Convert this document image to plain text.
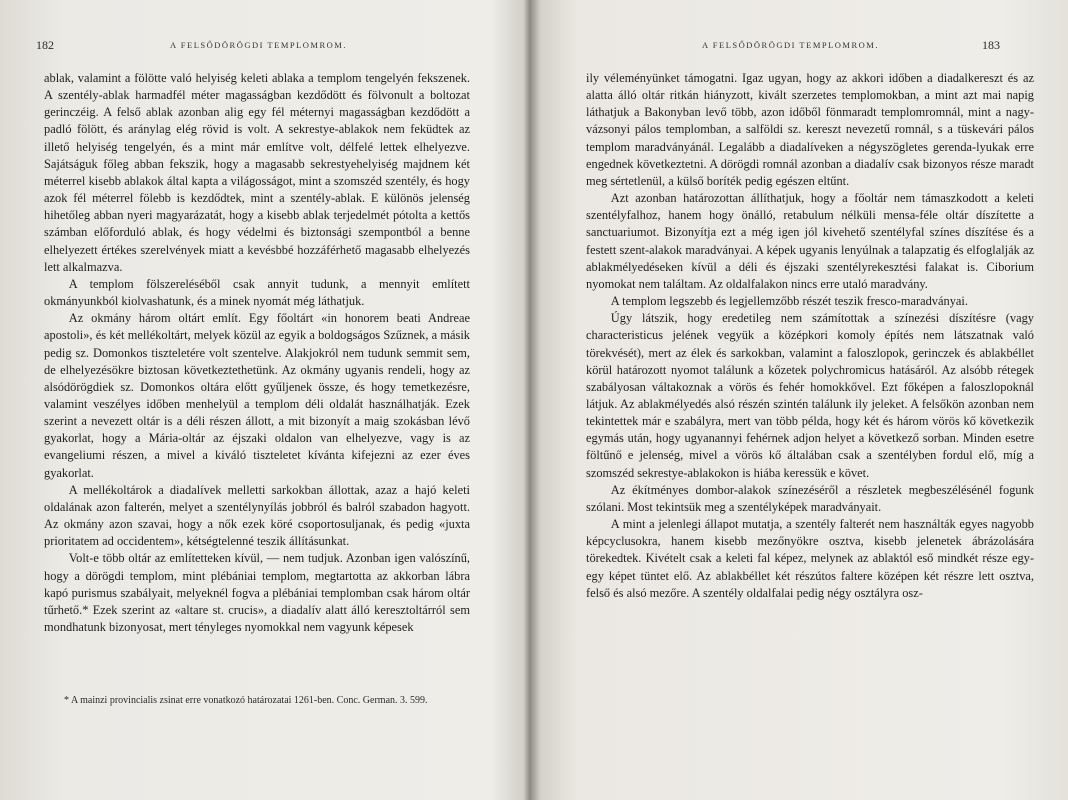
182	A FELSŐDÖRÖGDI TEMPLOMROM.

ablak, valamint a fölötte való helyiség keleti ablaka a templom tengelyén fekszenek. A szentély-ablak harmadfél méter magasságban kezdődött és fölvonult a boltozat gerinczéig. A felső ablak azonban alig egy fél méternyi magasságban kezdődött a padló fölött, és aránylag elég rövid is volt. A sekrestye-ablakok nem feküdtek az illető helyiség tengelyén, és a mint már említve volt, délfelé lettek elhelyezve. Sajátságuk főleg abban fekszik, hogy a magasabb sekrestyehelyiség majdnem két méterrel kisebb ablakok által kapta a világosságot, mint a szomszéd szentély, és hogy azok fél méterrel fölebb is kezdődtek, mint a szentély-ablak. E különös jelenség hihetőleg abban nyeri magyarázatát, hogy a kisebb ablak terjedelmét pótolta a kettős számban előforduló ablak, és hogy védelmi és biztonsági szempontból a benne elhelyezett értékes szerelvények miatt a kevésbbé hozzáférhető magasabb elhelyezés lett alkalmazva.

A templom fölszereléséből csak annyit tudunk, a mennyit említett okmányunkból kiolvashatunk, és a minek nyomát még láthatjuk.

Az okmány három oltárt említ. Egy főoltárt «in honorem beati Andreae apostoli», és két mellékoltárt, melyek közül az egyik a boldogságos Szűznek, a másik pedig sz. Domonkos tiszteletére volt szentelve. Alakjokról nem tudunk semmit sem, de elhelyezésökre biztosan következtethetünk. Az okmány ugyanis rendeli, hogy az alsódörögdiek sz. Domonkos oltára előtt gyűljenek össze, és hogy temetkezésre, valamint veszélyes időben menhelyül a templom déli oldalát használhatják. Ezek szerint a nevezett oltár is a déli részen állott, a mit bizonyít a maig szokásban lévő gyakorlat, hogy a Mária-oltár az éjszaki oldalon van elhelyezve, vagy is az evangeliumi részen, a mivel a kiváló tiszteletet kívánta kifejezni az ezer éves gyakorlat.

A mellékoltárok a diadalívek melletti sarkokban állottak, azaz a hajó keleti oldalának azon falterén, melyet a szentélynyílás jobbról és balról szabadon hagyott. Az okmány azon szavai, hogy a nők ezek köré csoportosuljanak, és pedig «juxta prioritatem ad occidentem», kétségtelenné teszik állításunkat.

Volt-e több oltár az említetteken kívül, — nem tudjuk. Azonban igen valószínű, hogy a dörögdi templom, mint plébániai templom, megtartotta az akkorban lábra kapó purismus szabályait, melyeknél fogva a plébániai templomban csak három oltár tűrhető.* Ezek szerint az «altare st. crucis», a diadalív alatt álló keresztoltárról sem mondhatunk bizonyosat, mert tényleges nyomokkal nem vagyunk képesek

* A mainzi provincialis zsinat erre vonatkozó határozatai 1261-ben. Conc. German. 3. 599.
A FELSŐDÖRÖGDI TEMPLOMROM.	183

ily véleményünket támogatni. Igaz ugyan, hogy az akkori időben a diadalkereszt és az alatta álló oltár ritkán hiányzott, kivált szerzetes templomokban, a mint azt mai napig láthatjuk a Bakonyban levő több, azon időből fönmaradt templomromnál, mint a nagy-vázsonyi pálos templomban, a salföldi sz. kereszt nevezetű romnál, s a tüskevári pálos templom maradványánál. Legalább a diadalíveken a négyszögletes gerenda-lyukak erre engednek következtetni. A dörögdi romnál azonban a diadalív csak bizonyos része maradt meg sértetlenül, a külső boríték pedig egészen eltűnt.

Azt azonban határozottan állíthatjuk, hogy a főoltár nem támaszkodott a keleti szentélyfalhoz, hanem hogy önálló, retabulum nélküli mensa-féle oltár díszítette a sanctuariumot. Bizonyítja ezt a még igen jól kivehető szentélyfal színes díszítése és a festett szent-alakok maradványai. A képek ugyanis lenyúlnak a talapzatig és elfoglalják az ablakmélyedéseken kívül a déli és éjszaki szentélyrekesztési falakat is. Ciborium nyomokat nem találtam. Az oldalfalakon nincs erre utaló maradvány.

A templom legszebb és legjellemzőbb részét teszik fresco-maradványai.

Úgy látszik, hogy eredetileg nem számítottak a színezési díszítésre (vagy characteristicus jelének vegyük a középkori komoly építés nem látszatnak való törekvését), mert az élek és sarkokban, valamint a faloszlopok, gerinczek és ablakbéllet körül határozott nyomot találunk a kőzetek polychromicus hatásáról. Az alsóbb rétegek szabályosan váltakoznak a vörös és fehér homokkővel. Ezt főképen a faloszlopoknál látjuk. Az ablakmélyedés alsó részén szintén találunk ily jeleket. A felsőkön azonban nem tekintettek már e szabályra, mert van több példa, hogy két és három vörös kő következik egymás után, hogy ugyanannyi fehérnek adjon helyet a következő sorban. Minden esetre föltűnő e jelenség, mivel a vörös kő általában csak a szentélyben fordul elő, míg a szomszéd sekrestye-ablakokon is hiába keressük e követ.

Az ékítményes dombor-alakok színezéséről a részletek megbeszélésénél fogunk szólani. Most tekintsük meg a szentélyképek maradványait.

A mint a jelenlegi állapot mutatja, a szentély falterét nem használták egyes nagyobb képcyclusokra, hanem kisebb mezőnyökre osztva, kisebb jelenetek ábrázolására törekedtek. Kivételt csak a keleti fal képez, melynek az ablaktól eső mindkét része egy-egy képet tüntet elő. Az ablakbéllet két részútos faltere középen két részre lett osztva, felső és alsó mezőre. A szentély oldalfalai pedig négy osztályra osz-
